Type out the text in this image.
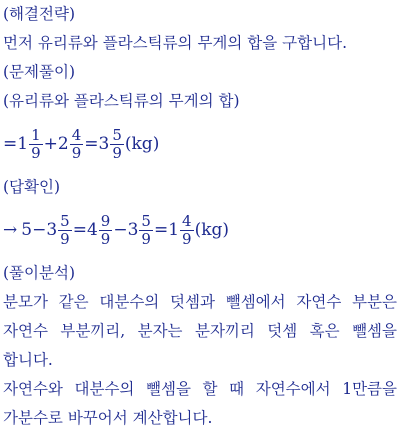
(해결전략)
먼저 유리류와 플라스틱류의 무게의 합을 구합니다.
(문제풀이)
(유리류와 플라스틱류의 무게의 합)
= $1 \frac{1}{9} + 2 \frac{4}{9} = 3 \frac{5}{9} (kg)$
(답확인)
→ $5 - 3 \frac{5}{9} = 4 \frac{9}{9} - 3 \frac{5}{9} = 1 \frac{4}{9} (kg)$
(풀이분석)
분모가 같은 대분수의 덧셈과 뺄셈에서 자연수 부분은
자연수 부분끼리, 분자는 분자끼리 덧셈 혹은 뺄셈을
합니다.
자연수와 대분수의 뺄셈을 할 때 자연수에서 1만큼을
가분수로 바꾸어서 계산합니다.
